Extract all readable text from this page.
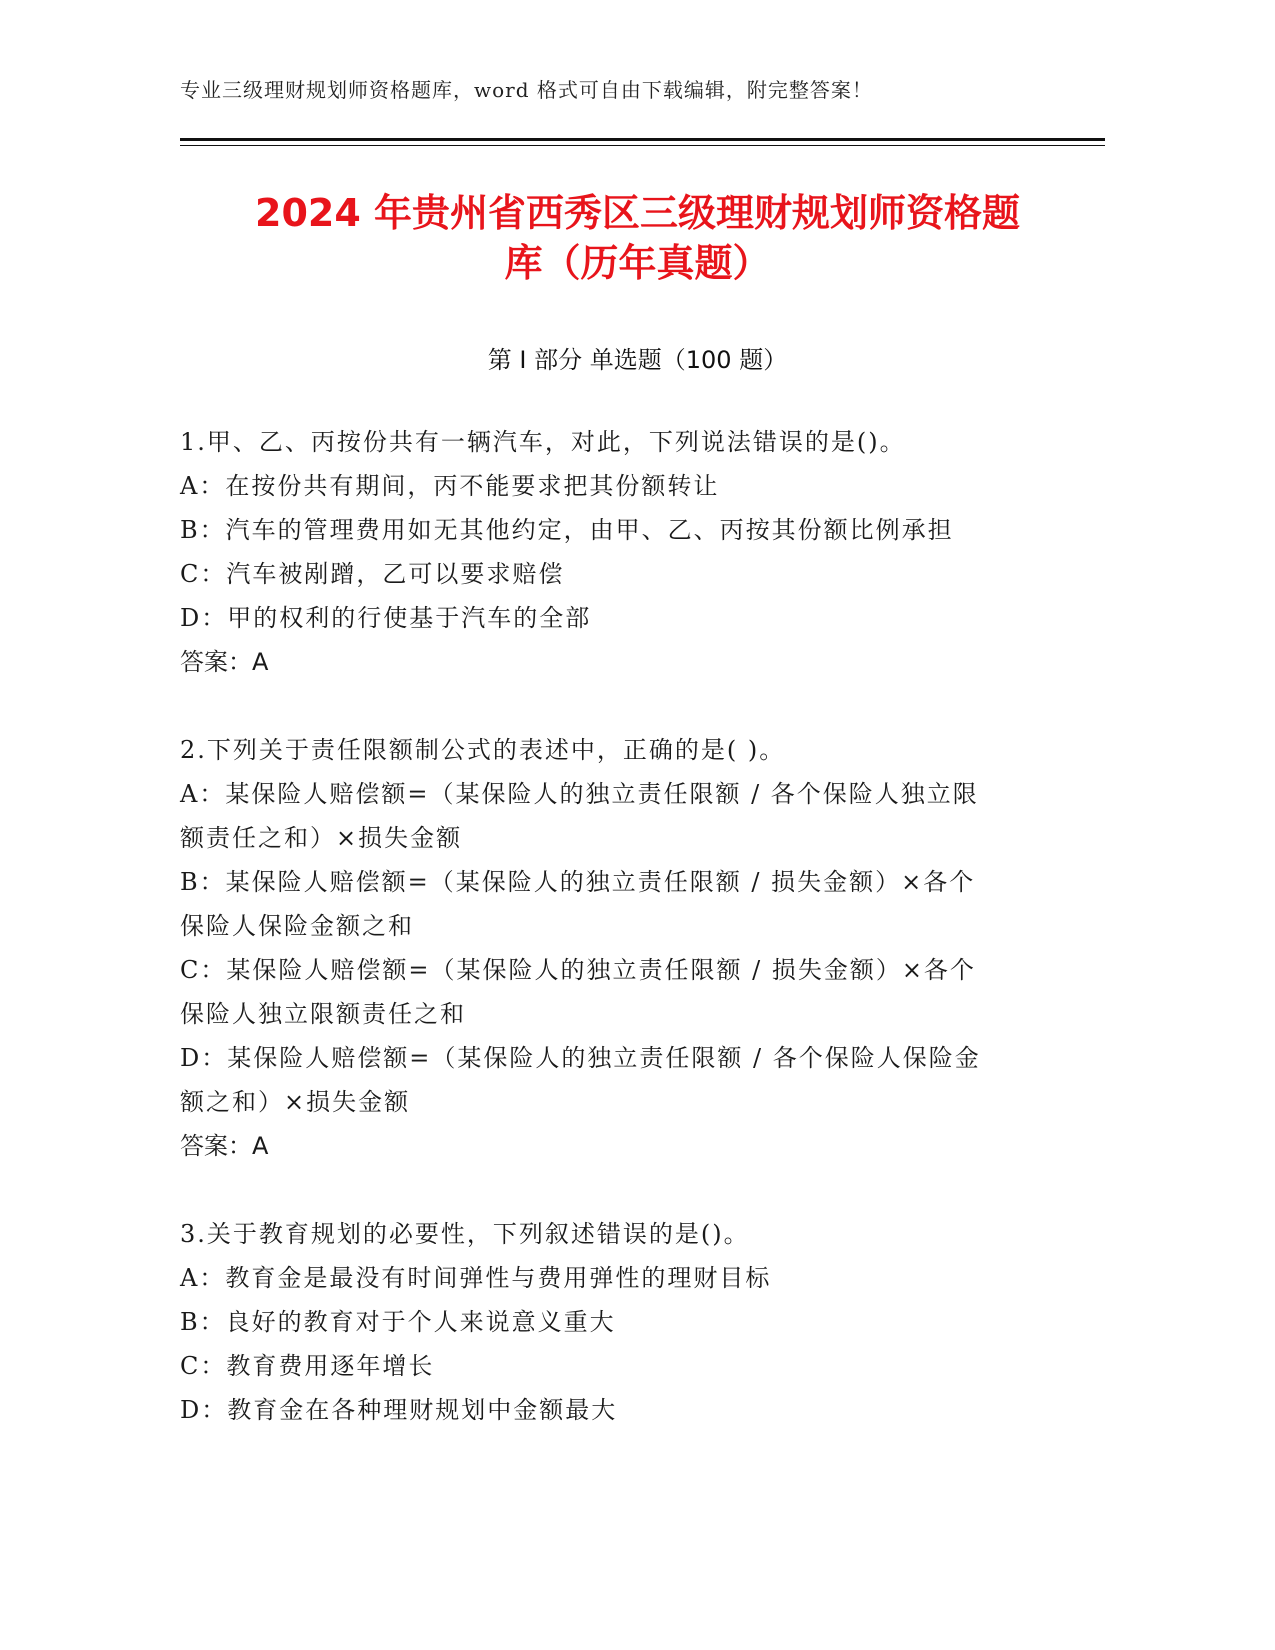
专业三级理财规划师资格题库，word 格式可自由下载编辑，附完整答案！
2024 年贵州省西秀区三级理财规划师资格题
库（历年真题）
第 I 部分 单选题（100 题）
1.甲、乙、丙按份共有一辆汽车，对此，下列说法错误的是()。
A：在按份共有期间，丙不能要求把其份额转让
B：汽车的管理费用如无其他约定，由甲、乙、丙按其份额比例承担
C：汽车被剐蹭，乙可以要求赔偿
D：甲的权利的行使基于汽车的全部
答案：A
2.下列关于责任限额制公式的表述中，正确的是( )。
A：某保险人赔偿额=（某保险人的独立责任限额 / 各个保险人独立限
额责任之和）×损失金额
B：某保险人赔偿额=（某保险人的独立责任限额 / 损失金额）×各个
保险人保险金额之和
C：某保险人赔偿额=（某保险人的独立责任限额 / 损失金额）×各个
保险人独立限额责任之和
D：某保险人赔偿额=（某保险人的独立责任限额 / 各个保险人保险金
额之和）×损失金额
答案：A
3.关于教育规划的必要性，下列叙述错误的是()。
A：教育金是最没有时间弹性与费用弹性的理财目标
B：良好的教育对于个人来说意义重大
C：教育费用逐年增长
D：教育金在各种理财规划中金额最大
